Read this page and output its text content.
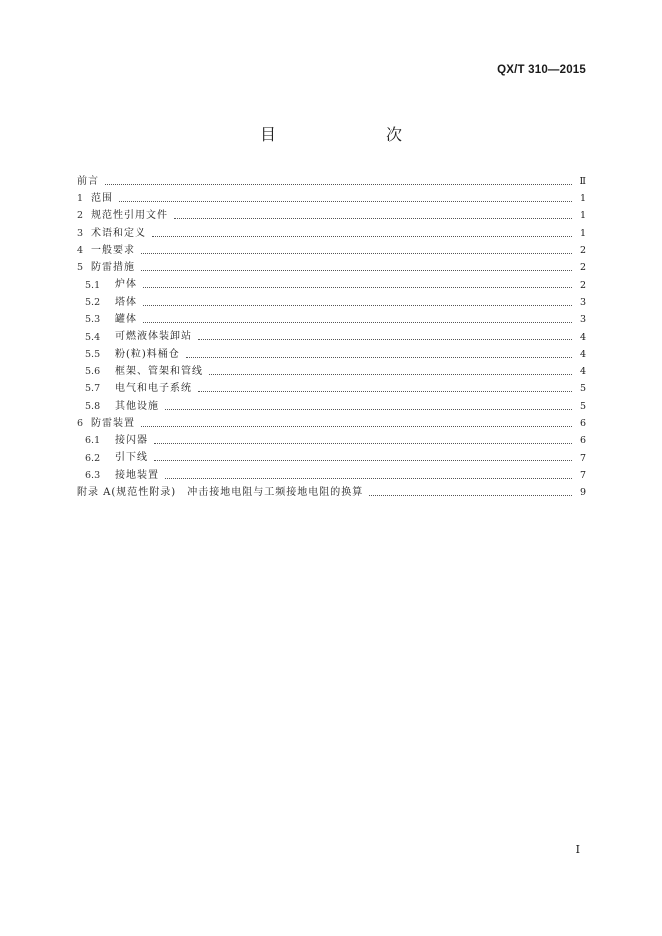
QX/T 310—2015
目　　次
前言	Ⅱ
1 范围	1
2 规范性引用文件	1
3 术语和定义	1
4 一般要求	2
5 防雷措施	2
5.1	炉体	2
5.2	塔体	3
5.3	罐体	3
5.4	可燃液体装卸站	4
5.5	粉(粒)料桶仓	4
5.6	框架、管架和管线	4
5.7	电气和电子系统	5
5.8	其他设施	5
6 防雷装置	6
6.1	接闪器	6
6.2	引下线	7
6.3	接地装置	7
附录 A(规范性附录)　冲击接地电阻与工频接地电阻的换算	9
I
